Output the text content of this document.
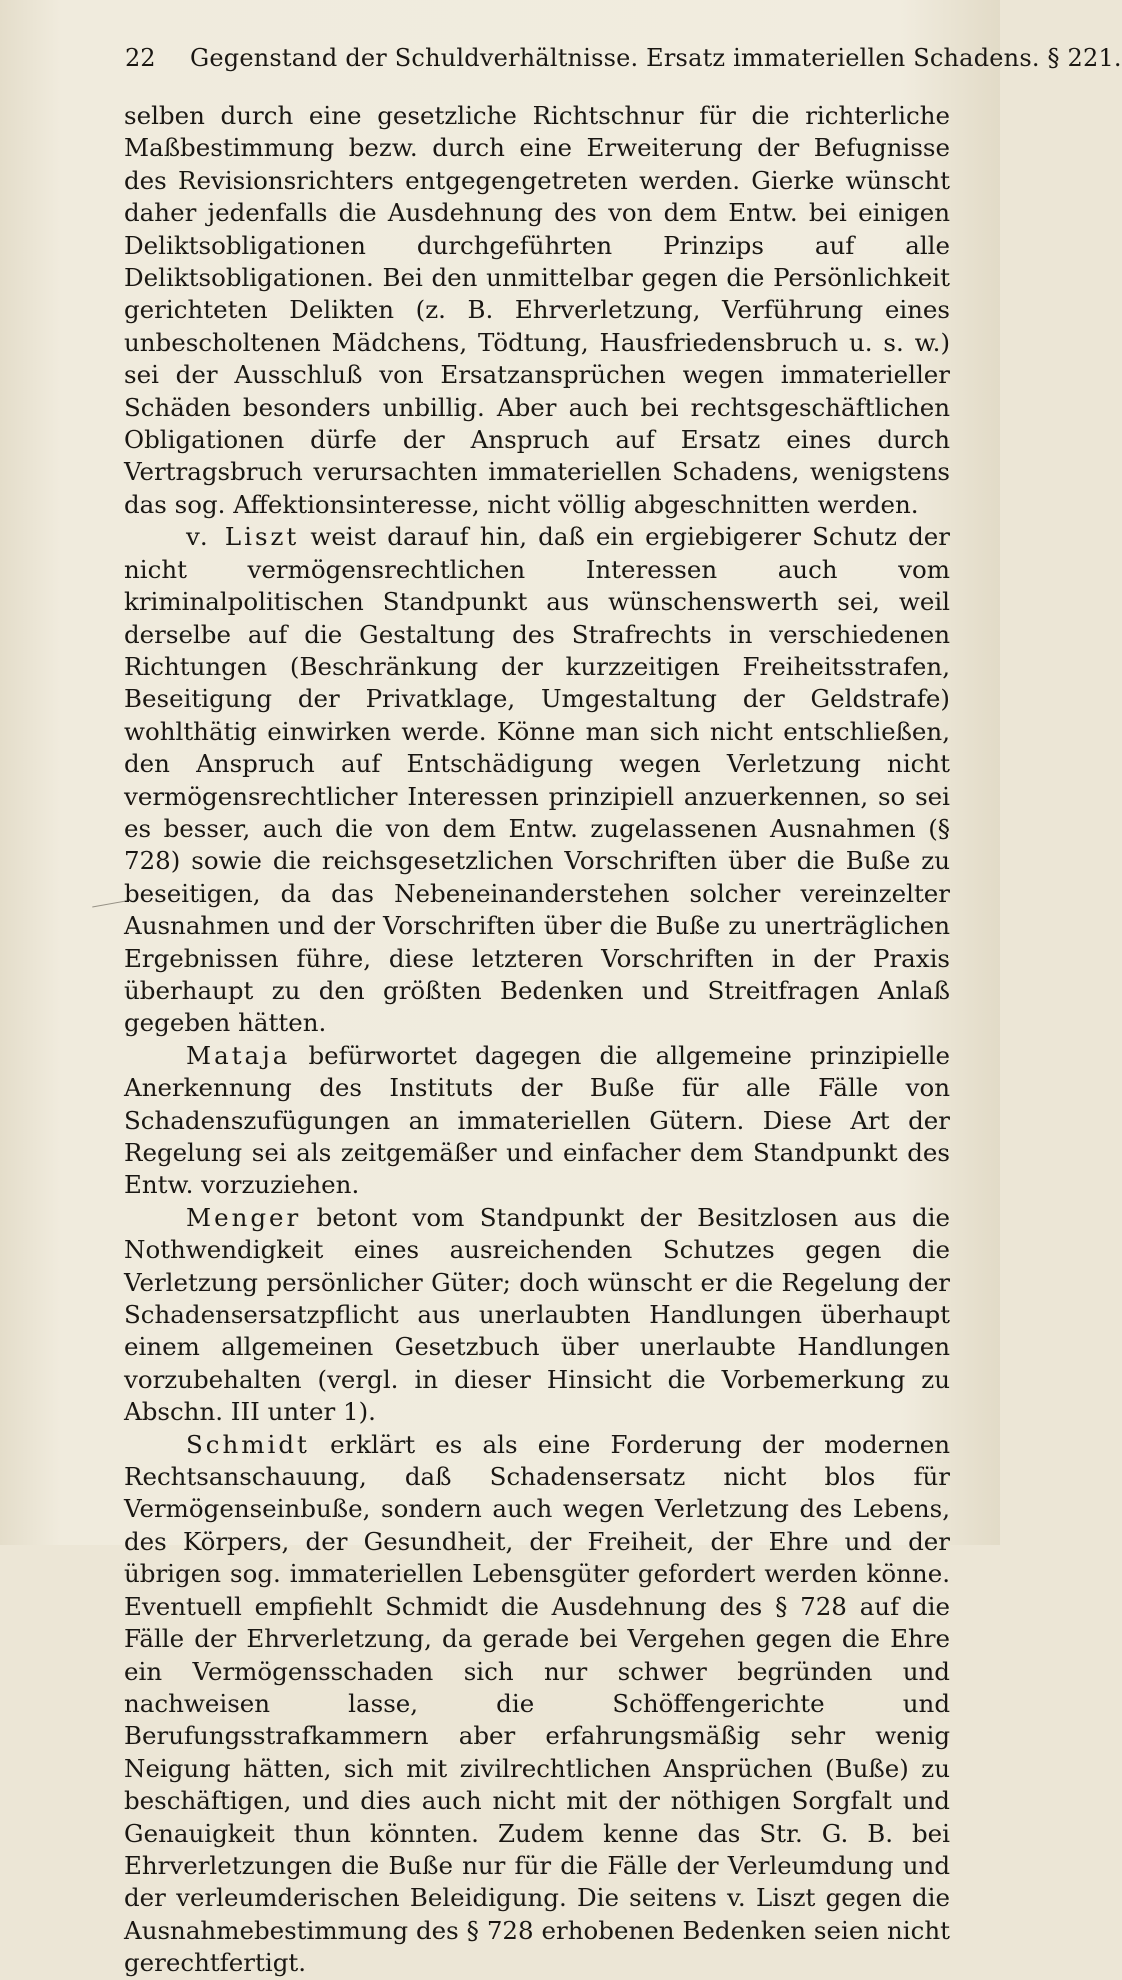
22 Gegenstand der Schuldverhältnisse. Ersatz immateriellen Schadens. § 221.

selben durch eine gesetzliche Richtschnur für die richterliche Maßbestimmung bezw. durch eine Erweiterung der Befugnisse des Revisionsrichters entgegengetreten werden. Gierke wünscht daher jedenfalls die Ausdehnung des von dem Entw. bei einigen Deliktsobligationen durchgeführten Prinzips auf alle Deliktsobligationen. Bei den unmittelbar gegen die Persönlichkeit gerichteten Delikten (z. B. Ehrverletzung, Verführung eines unbescholtenen Mädchens, Tödtung, Hausfriedensbruch u. s. w.) sei der Ausschluß von Ersatzansprüchen wegen immaterieller Schäden besonders unbillig. Aber auch bei rechtsgeschäftlichen Obligationen dürfe der Anspruch auf Ersatz eines durch Vertragsbruch verursachten immateriellen Schadens, wenigstens das sog. Affektionsinteresse, nicht völlig abgeschnitten werden.

v. Liszt weist darauf hin, daß ein ergiebigerer Schutz der nicht vermögensrechtlichen Interessen auch vom kriminalpolitischen Standpunkt aus wünschenswerth sei, weil derselbe auf die Gestaltung des Strafrechts in verschiedenen Richtungen (Beschränkung der kurzzeitigen Freiheitsstrafen, Beseitigung der Privatklage, Umgestaltung der Geldstrafe) wohlthätig einwirken werde. Könne man sich nicht entschließen, den Anspruch auf Entschädigung wegen Verletzung nicht vermögensrechtlicher Interessen prinzipiell anzuerkennen, so sei es besser, auch die von dem Entw. zugelassenen Ausnahmen (§ 728) sowie die reichsgesetzlichen Vorschriften über die Buße zu beseitigen, da das Nebeneinanderstehen solcher vereinzelter Ausnahmen und der Vorschriften über die Buße zu unerträglichen Ergebnissen führe, diese letzteren Vorschriften in der Praxis überhaupt zu den größten Bedenken und Streitfragen Anlaß gegeben hätten.

Mataja befürwortet dagegen die allgemeine prinzipielle Anerkennung des Instituts der Buße für alle Fälle von Schadenszufügungen an immateriellen Gütern. Diese Art der Regelung sei als zeitgemäßer und einfacher dem Standpunkt des Entw. vorzuziehen.

Menger betont vom Standpunkt der Besitzlosen aus die Nothwendigkeit eines ausreichenden Schutzes gegen die Verletzung persönlicher Güter; doch wünscht er die Regelung der Schadensersatzpflicht aus unerlaubten Handlungen überhaupt einem allgemeinen Gesetzbuch über unerlaubte Handlungen vorzubehalten (vergl. in dieser Hinsicht die Vorbemerkung zu Abschn. III unter 1).

Schmidt erklärt es als eine Forderung der modernen Rechtsanschauung, daß Schadensersatz nicht blos für Vermögenseinbuße, sondern auch wegen Verletzung des Lebens, des Körpers, der Gesundheit, der Freiheit, der Ehre und der übrigen sog. immateriellen Lebensgüter gefordert werden könne. Eventuell empfiehlt Schmidt die Ausdehnung des § 728 auf die Fälle der Ehrverletzung, da gerade bei Vergehen gegen die Ehre ein Vermögensschaden sich nur schwer begründen und nachweisen lasse, die Schöffengerichte und Berufungsstrafkammern aber erfahrungsmäßig sehr wenig Neigung hätten, sich mit zivilrechtlichen Ansprüchen (Buße) zu beschäftigen, und dies auch nicht mit der nöthigen Sorgfalt und Genauigkeit thun könnten. Zudem kenne das Str. G. B. bei Ehrverletzungen die Buße nur für die Fälle der Verleumdung und der verleumderischen Beleidigung. Die seitens v. Liszt gegen die Ausnahmebestimmung des § 728 erhobenen Bedenken seien nicht gerechtfertigt.
